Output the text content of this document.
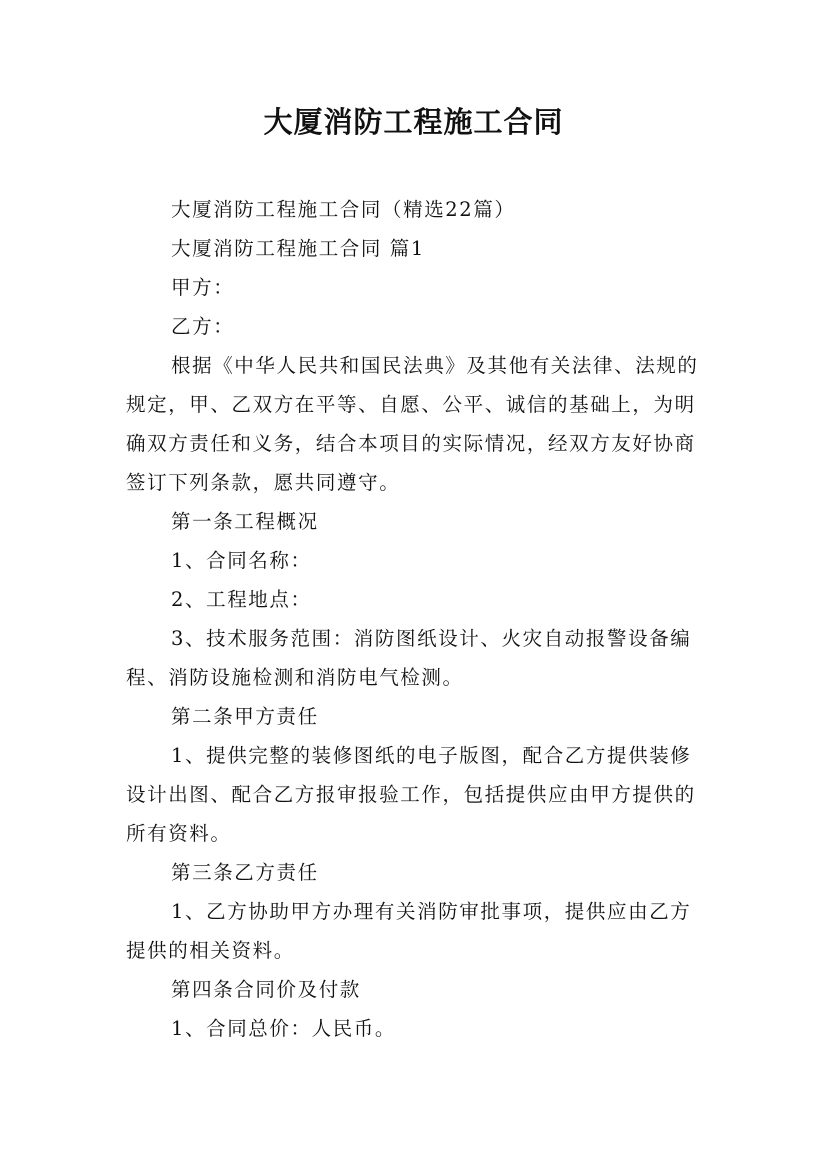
大厦消防工程施工合同

大厦消防工程施工合同（精选22篇）

大厦消防工程施工合同 篇1

甲方：

乙方：

根据《中华人民共和国民法典》及其他有关法律、法规的规定，甲、乙双方在平等、自愿、公平、诚信的基础上，为明确双方责任和义务，结合本项目的实际情况，经双方友好协商签订下列条款，愿共同遵守。

第一条工程概况

1、合同名称：

2、工程地点：

3、技术服务范围：消防图纸设计、火灾自动报警设备编程、消防设施检测和消防电气检测。

第二条甲方责任

1、提供完整的装修图纸的电子版图，配合乙方提供装修设计出图、配合乙方报审报验工作，包括提供应由甲方提供的所有资料。

第三条乙方责任

1、乙方协助甲方办理有关消防审批事项，提供应由乙方提供的相关资料。

第四条合同价及付款

1、合同总价：人民币。
